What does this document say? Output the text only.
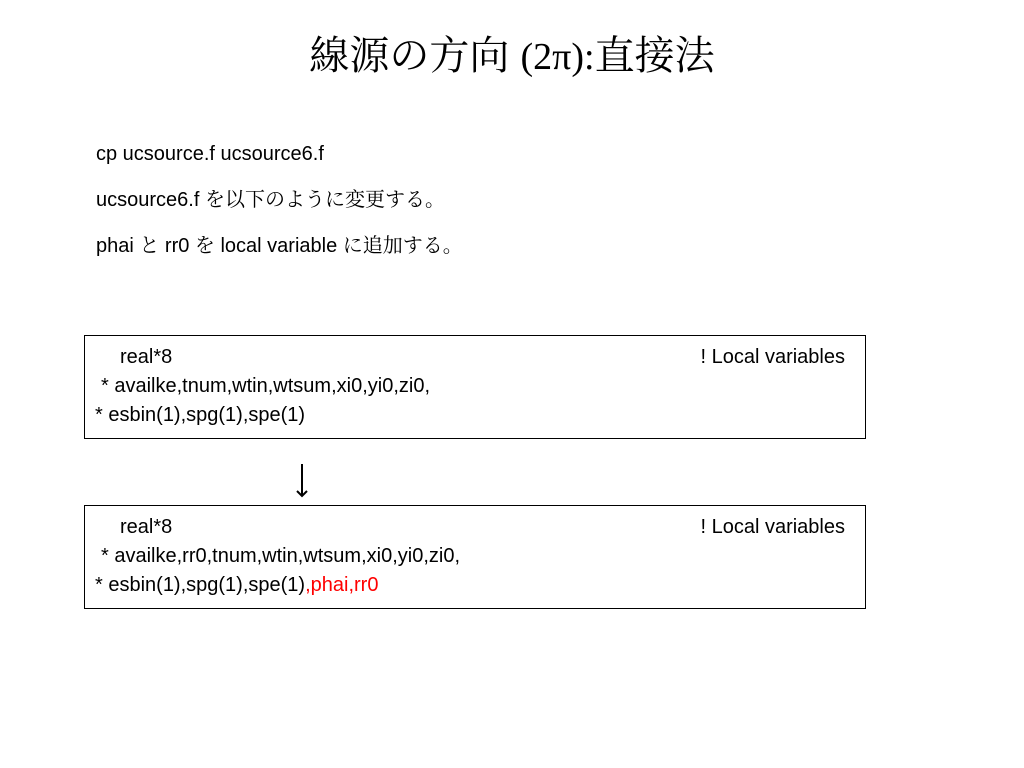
線源の方向 (2π):直接法
cp ucsource.f ucsource6.f
ucsource6.f を以下のように変更する。
phai と rr0 を local variable に追加する。
real*8	! Local variables
* availke,tnum,wtin,wtsum,xi0,yi0,zi0,
* esbin(1),spg(1),spe(1)
real*8	! Local variables
* availke,rr0,tnum,wtin,wtsum,xi0,yi0,zi0,
* esbin(1),spg(1),spe(1),phai,rr0
